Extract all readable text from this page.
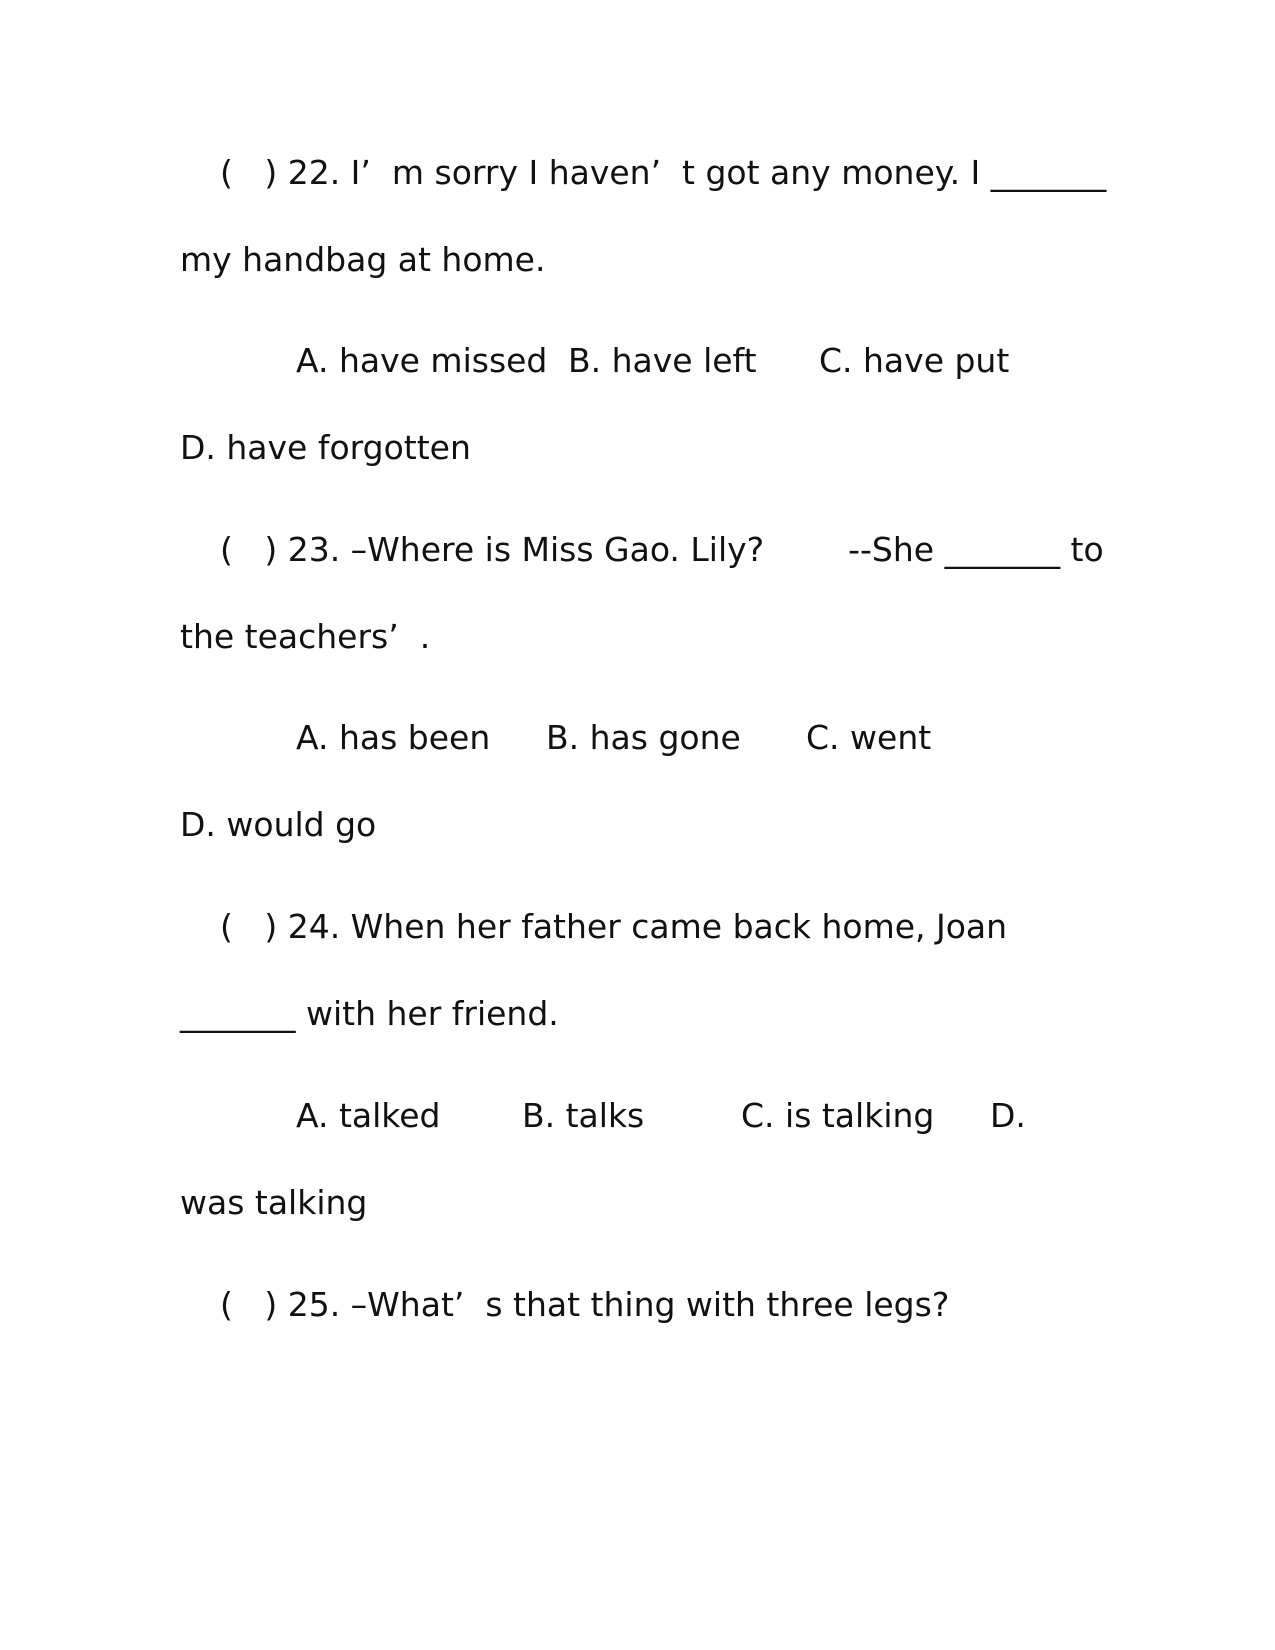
(   ) 22. I’  m sorry I haven’  t got any money. I _______
my handbag at home.
A. have missed B. have left C. have put
D. have forgotten
(   ) 23. –Where is Miss Gao. Lily?        --She _______ to
the teachers’  .
A. has been B. has gone C. went
D. would go
(   ) 24. When her father came back home, Joan
_______ with her friend.
A. talked B. talks	C. is talking D.
was talking
(   ) 25. –What’  s that thing with three legs?
